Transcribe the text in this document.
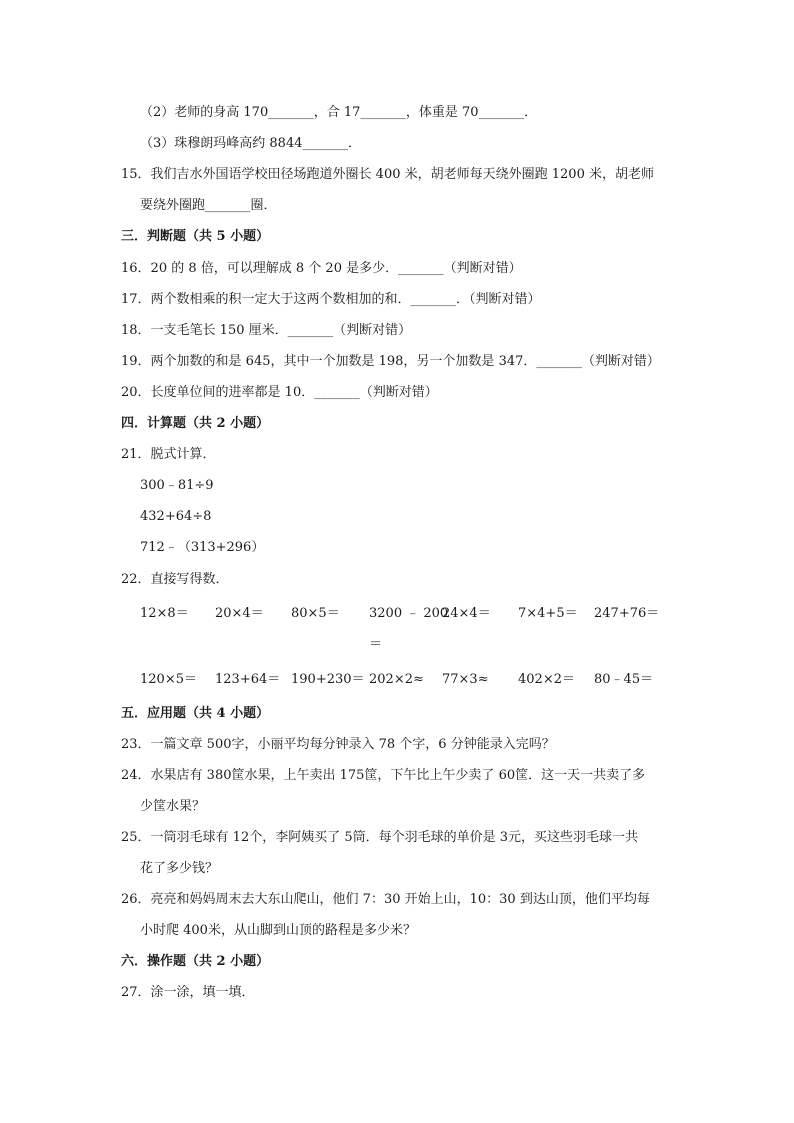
（2）老师的身高 170_______，合 17_______，体重是 70_______．
（3）珠穆朗玛峰高约 8844_______．
15．我们吉水外国语学校田径场跑道外圈长 400 米，胡老师每天绕外圈跑 1200 米，胡老师
要绕外圈跑_______圈．
三．判断题（共 5 小题）
16．20 的 8 倍，可以理解成 8 个 20 是多少．_______（判断对错）
17．两个数相乘的积一定大于这两个数相加的和．_______．（判断对错）
18．一支毛笔长 150 厘米．_______（判断对错）
19．两个加数的和是 645，其中一个加数是 198，另一个加数是 347．_______（判断对错）
20．长度单位间的进率都是 10．_______（判断对错）
四．计算题（共 2 小题）
21．脱式计算．
300﹣81÷9
432+64÷8
712﹣（313+296）
22．直接写得数．
12×8＝ 20×4＝ 80×5＝ 3200 ﹣ 200
24×4＝ 7×4+5＝ 247+76＝
＝
120×5＝ 123+64＝ 190+230＝ 202×2≈ 77×3≈ 402×2＝ 80﹣45＝
五．应用题（共 4 小题）
23．一篇文章 500字，小丽平均每分钟录入 78 个字，6 分钟能录入完吗？
24．水果店有 380筐水果，上午卖出 175筐，下午比上午少卖了 60筐．这一天一共卖了多
少筐水果？
25．一筒羽毛球有 12个，李阿姨买了 5筒．每个羽毛球的单价是 3元，买这些羽毛球一共
花了多少钱？
26．亮亮和妈妈周末去大东山爬山，他们 7：30 开始上山，10：30 到达山顶，他们平均每
小时爬 400米，从山脚到山顶的路程是多少米？
六．操作题（共 2 小题）
27．涂一涂，填一填．
